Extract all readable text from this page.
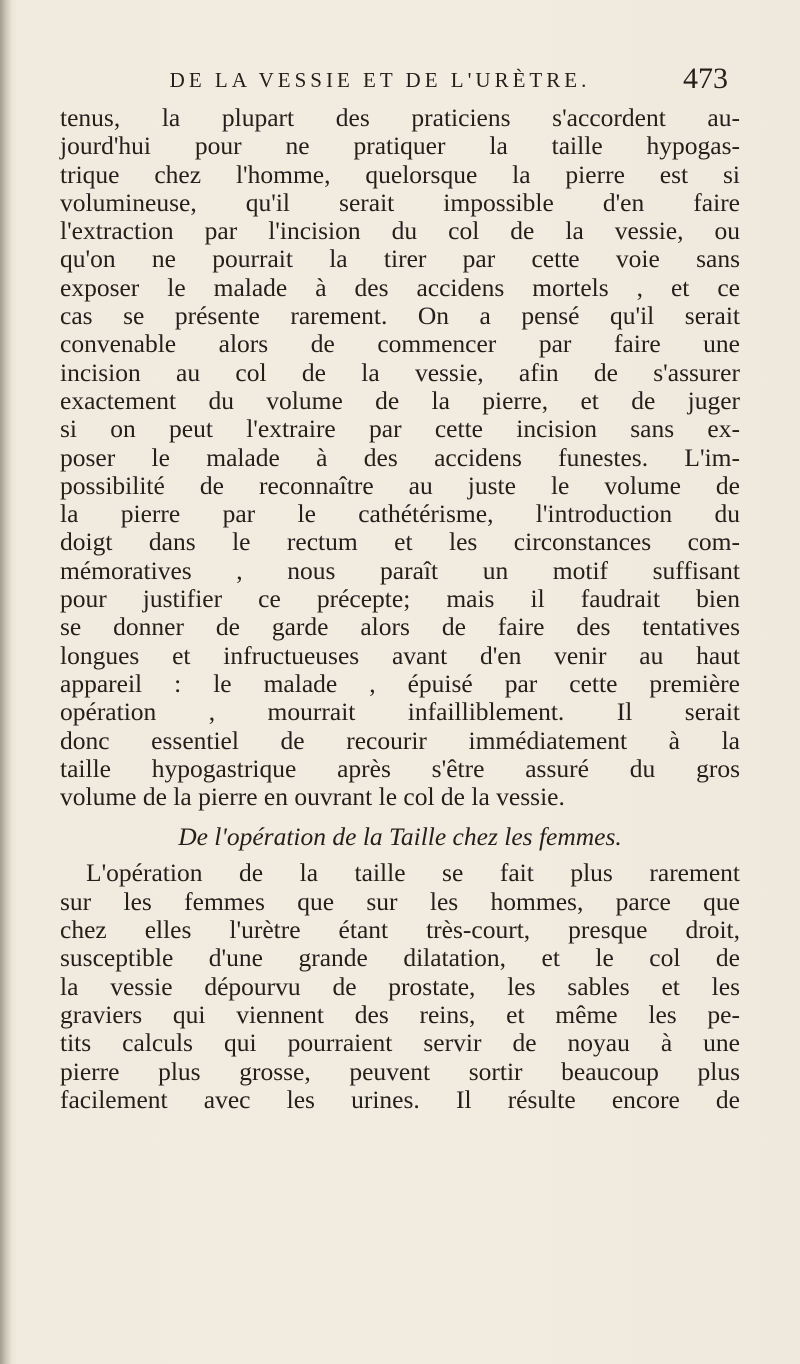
DE LA VESSIE ET DE L'URÈTRE.	473
tenus, la plupart des praticiens s'accordent au-
jourd'hui pour ne pratiquer la taille hypogas-
trique chez l'homme, quelorsque la pierre est si
volumineuse, qu'il serait impossible d'en faire
l'extraction par l'incision du col de la vessie, ou
qu'on ne pourrait la tirer par cette voie sans
exposer le malade à des accidens mortels , et ce
cas se présente rarement. On a pensé qu'il serait
convenable alors de commencer par faire une
incision au col de la vessie, afin de s'assurer
exactement du volume de la pierre, et de juger
si on peut l'extraire par cette incision sans ex-
poser le malade à des accidens funestes. L'im-
possibilité de reconnaître au juste le volume de
la pierre par le cathétérisme, l'introduction du
doigt dans le rectum et les circonstances com-
mémoratives , nous paraît un motif suffisant
pour justifier ce précepte; mais il faudrait bien
se donner de garde alors de faire des tentatives
longues et infructueuses avant d'en venir au haut
appareil : le malade , épuisé par cette première
opération , mourrait infailliblement. Il serait
donc essentiel de recourir immédiatement à la
taille hypogastrique après s'être assuré du gros
volume de la pierre en ouvrant le col de la vessie.
De l'opération de la Taille chez les femmes.
L'opération de la taille se fait plus rarement
sur les femmes que sur les hommes, parce que
chez elles l'urètre étant très-court, presque droit,
susceptible d'une grande dilatation, et le col de
la vessie dépourvu de prostate, les sables et les
graviers qui viennent des reins, et même les pe-
tits calculs qui pourraient servir de noyau à une
pierre plus grosse, peuvent sortir beaucoup plus
facilement avec les urines. Il résulte encore de
